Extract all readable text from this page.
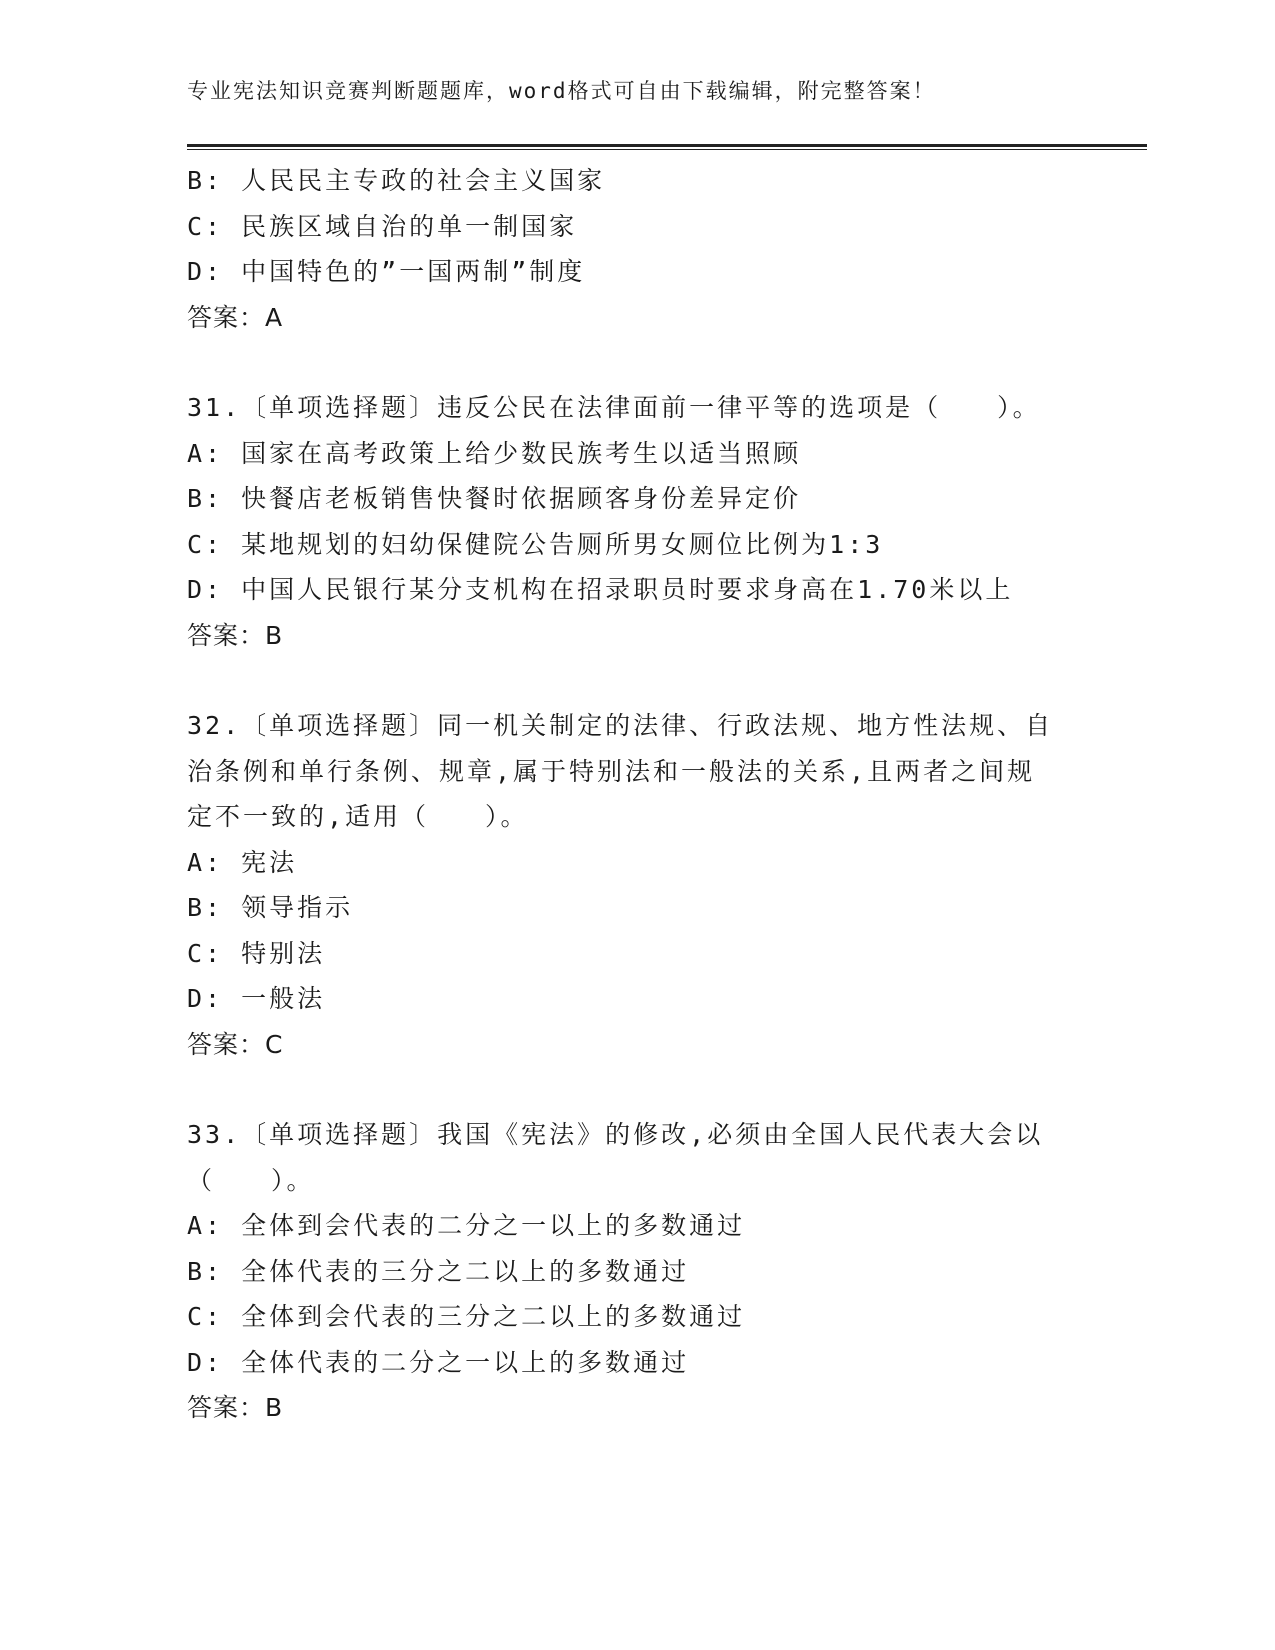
专业宪法知识竞赛判断题题库，word格式可自由下载编辑，附完整答案！

B: 人民民主专政的社会主义国家

C: 民族区域自治的单一制国家

D: 中国特色的”一国两制”制度

答案：A

31.〔单项选择题〕违反公民在法律面前一律平等的选项是（　　）。

A: 国家在高考政策上给少数民族考生以适当照顾

B: 快餐店老板销售快餐时依据顾客身份差异定价

C: 某地规划的妇幼保健院公告厕所男女厕位比例为1:3

D: 中国人民银行某分支机构在招录职员时要求身高在1.70米以上

答案：B

32.〔单项选择题〕同一机关制定的法律、行政法规、地方性法规、自

治条例和单行条例、规章,属于特别法和一般法的关系,且两者之间规

定不一致的,适用（　　）。

A: 宪法

B: 领导指示

C: 特别法

D: 一般法

答案：C

33.〔单项选择题〕我国《宪法》的修改,必须由全国人民代表大会以

（　　）。

A: 全体到会代表的二分之一以上的多数通过

B: 全体代表的三分之二以上的多数通过

C: 全体到会代表的三分之二以上的多数通过

D: 全体代表的二分之一以上的多数通过

答案：B
